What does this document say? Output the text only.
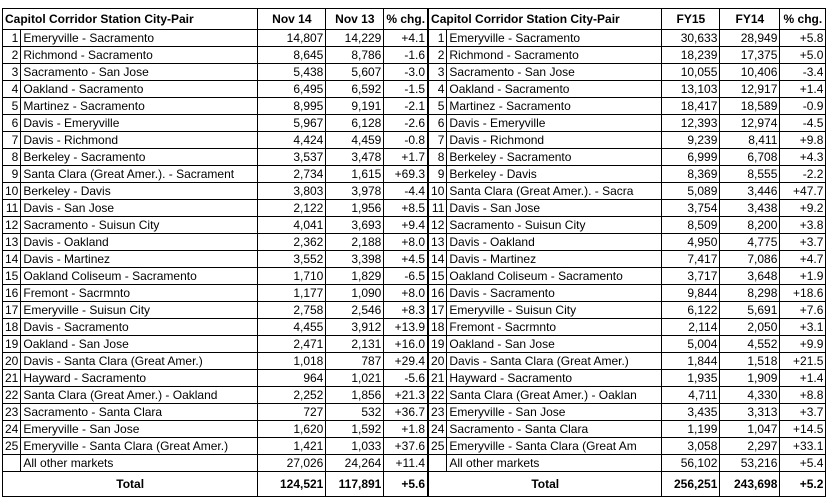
Capitol Corridor Station City-Pair		Nov 14	Nov 13	% chg.	Capitol Corridor Station City-Pair		FY15	FY14	% chg.
1	Emeryville - Sacramento	14,807	14,229	+4.1	1	Emeryville - Sacramento	30,633	28,949	+5.8
2	Richmond - Sacramento	8,645	8,786	-1.6	2	Richmond - Sacramento	18,239	17,375	+5.0
3	Sacramento - San Jose	5,438	5,607	-3.0	3	Sacramento - San Jose	10,055	10,406	-3.4
4	Oakland - Sacramento	6,495	6,592	-1.5	4	Oakland - Sacramento	13,103	12,917	+1.4
5	Martinez - Sacramento	8,995	9,191	-2.1	5	Martinez - Sacramento	18,417	18,589	-0.9
6	Davis - Emeryville	5,967	6,128	-2.6	6	Davis - Emeryville	12,393	12,974	-4.5
7	Davis - Richmond	4,424	4,459	-0.8	7	Davis - Richmond	9,239	8,411	+9.8
8	Berkeley - Sacramento	3,537	3,478	+1.7	8	Berkeley - Sacramento	6,999	6,708	+4.3
9	Santa Clara (Great Amer.). - Sacrament	2,734	1,615	+69.3	9	Berkeley - Davis	8,369	8,555	-2.2
10	Berkeley - Davis	3,803	3,978	-4.4	10	Santa Clara (Great Amer.). - Sacra	5,089	3,446	+47.7
11	Davis - San Jose	2,122	1,956	+8.5	11	Davis - San Jose	3,754	3,438	+9.2
12	Sacramento - Suisun City	4,041	3,693	+9.4	12	Sacramento - Suisun City	8,509	8,200	+3.8
13	Davis - Oakland	2,362	2,188	+8.0	13	Davis - Oakland	4,950	4,775	+3.7
14	Davis - Martinez	3,552	3,398	+4.5	14	Davis - Martinez	7,417	7,086	+4.7
15	Oakland Coliseum - Sacramento	1,710	1,829	-6.5	15	Oakland Coliseum - Sacramento	3,717	3,648	+1.9
16	Fremont - Sacrmnto	1,177	1,090	+8.0	16	Davis - Sacramento	9,844	8,298	+18.6
17	Emeryville - Suisun City	2,758	2,546	+8.3	17	Emeryville - Suisun City	6,122	5,691	+7.6
18	Davis - Sacramento	4,455	3,912	+13.9	18	Fremont - Sacrmnto	2,114	2,050	+3.1
19	Oakland - San Jose	2,471	2,131	+16.0	19	Oakland - San Jose	5,004	4,552	+9.9
20	Davis - Santa Clara (Great Amer.)	1,018	787	+29.4	20	Davis - Santa Clara (Great Amer.)	1,844	1,518	+21.5
21	Hayward - Sacramento	964	1,021	-5.6	21	Hayward - Sacramento	1,935	1,909	+1.4
22	Santa Clara (Great Amer.) - Oakland	2,252	1,856	+21.3	22	Santa Clara (Great Amer.) - Oaklan	4,711	4,330	+8.8
23	Sacramento - Santa Clara	727	532	+36.7	23	Emeryville - San Jose	3,435	3,313	+3.7
24	Emeryville - San Jose	1,620	1,592	+1.8	24	Sacramento - Santa Clara	1,199	1,047	+14.5
25	Emeryville - Santa Clara (Great Amer.)	1,421	1,033	+37.6	25	Emeryville - Santa Clara (Great Am	3,058	2,297	+33.1
	All other markets	27,026	24,264	+11.4		All other markets	56,102	53,216	+5.4
Total		124,521	117,891	+5.6	Total		256,251	243,698	+5.2
